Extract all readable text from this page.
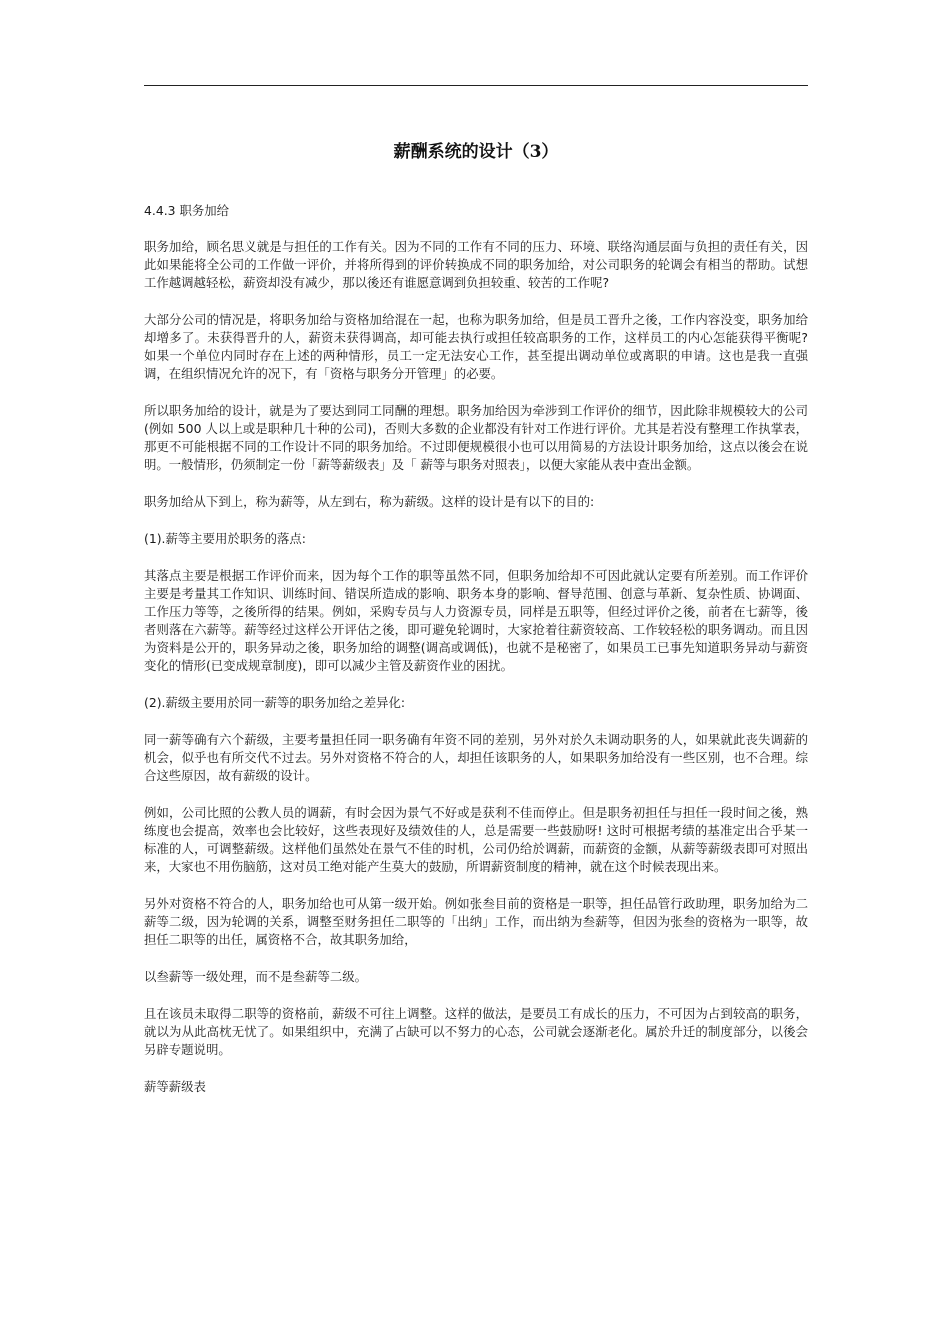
薪酬系统的设计（3）

4.4.3 职务加给

职务加给，顾名思义就是与担任的工作有关。因为不同的工作有不同的压力、环境、联络沟通层面与负担的责任有关，因此如果能将全公司的工作做一评价，并将所得到的评价转换成不同的职务加给，对公司职务的轮调会有相当的帮助。试想工作越调越轻松，薪资却没有减少，那以後还有谁愿意调到负担较重、较苦的工作呢?

大部分公司的情况是，将职务加给与资格加给混在一起，也称为职务加给，但是员工晋升之後，工作内容没变，职务加给却增多了。未获得晋升的人，薪资未获得调高，却可能去执行或担任较高职务的工作，这样员工的内心怎能获得平衡呢? 如果一个单位内同时存在上述的两种情形，员工一定无法安心工作，甚至提出调动单位或离职的申请。这也是我一直强调，在组织情况允许的况下，有「资格与职务分开管理」的必要。

所以职务加给的设计，就是为了要达到同工同酬的理想。职务加给因为牵涉到工作评价的细节，因此除非规模较大的公司(例如 500 人以上或是职种几十种的公司)，否则大多数的企业都没有针对工作进行评价。尤其是若没有整理工作执掌表，那更不可能根据不同的工作设计不同的职务加给。不过即便规模很小也可以用简易的方法设计职务加给，这点以後会在说明。一般情形，仍须制定一份「薪等薪级表」及「 薪等与职务对照表」，以便大家能从表中查出金额。

职务加给从下到上，称为薪等，从左到右，称为薪级。这样的设计是有以下的目的:

(1).薪等主要用於职务的落点:

其落点主要是根据工作评价而来，因为每个工作的职等虽然不同，但职务加给却不可因此就认定要有所差别。而工作评价主要是考量其工作知识、训练时间、错误所造成的影响、职务本身的影响、督导范围、创意与革新、复杂性质、协调面、工作压力等等，之後所得的结果。例如，采购专员与人力资源专员，同样是五职等，但经过评价之後，前者在七薪等，後者则落在六薪等。薪等经过这样公开评估之後，即可避免轮调时，大家抢着往薪资较高、工作较轻松的职务调动。而且因为资料是公开的，职务异动之後，职务加给的调整(调高或调低)，也就不是秘密了，如果员工已事先知道职务异动与薪资变化的情形(已变成规章制度)，即可以减少主管及薪资作业的困扰。

(2).薪级主要用於同一薪等的职务加给之差异化:

同一薪等确有六个薪级，主要考量担任同一职务确有年资不同的差别，另外对於久未调动职务的人，如果就此丧失调薪的机会，似乎也有所交代不过去。另外对资格不符合的人，却担任该职务的人，如果职务加给没有一些区别，也不合理。综合这些原因，故有薪级的设计。

例如，公司比照的公教人员的调薪，有时会因为景气不好或是获利不佳而停止。但是职务初担任与担任一段时间之後，熟练度也会提高，效率也会比较好，这些表现好及绩效佳的人，总是需要一些鼓励呀! 这时可根据考绩的基准定出合乎某一标准的人，可调整薪级。这样他们虽然处在景气不佳的时机，公司仍给於调薪，而薪资的金额，从薪等薪级表即可对照出来，大家也不用伤脑筋，这对员工绝对能产生莫大的鼓励，所谓薪资制度的精神，就在这个时候表现出来。

另外对资格不符合的人，职务加给也可从第一级开始。例如张叁目前的资格是一职等，担任品管行政助理，职务加给为二薪等二级，因为轮调的关系，调整至财务担任二职等的「出纳」工作，而出纳为叁薪等，但因为张叁的资格为一职等，故担任二职等的出任，属资格不合，故其职务加给，

以叁薪等一级处理，而不是叁薪等二级。

且在该员未取得二职等的资格前，薪级不可往上调整。这样的做法，是要员工有成长的压力，不可因为占到较高的职务，就以为从此高枕无忧了。如果组织中，充满了占缺可以不努力的心态，公司就会逐渐老化。属於升迁的制度部分，以後会另辟专题说明。

薪等薪级表
